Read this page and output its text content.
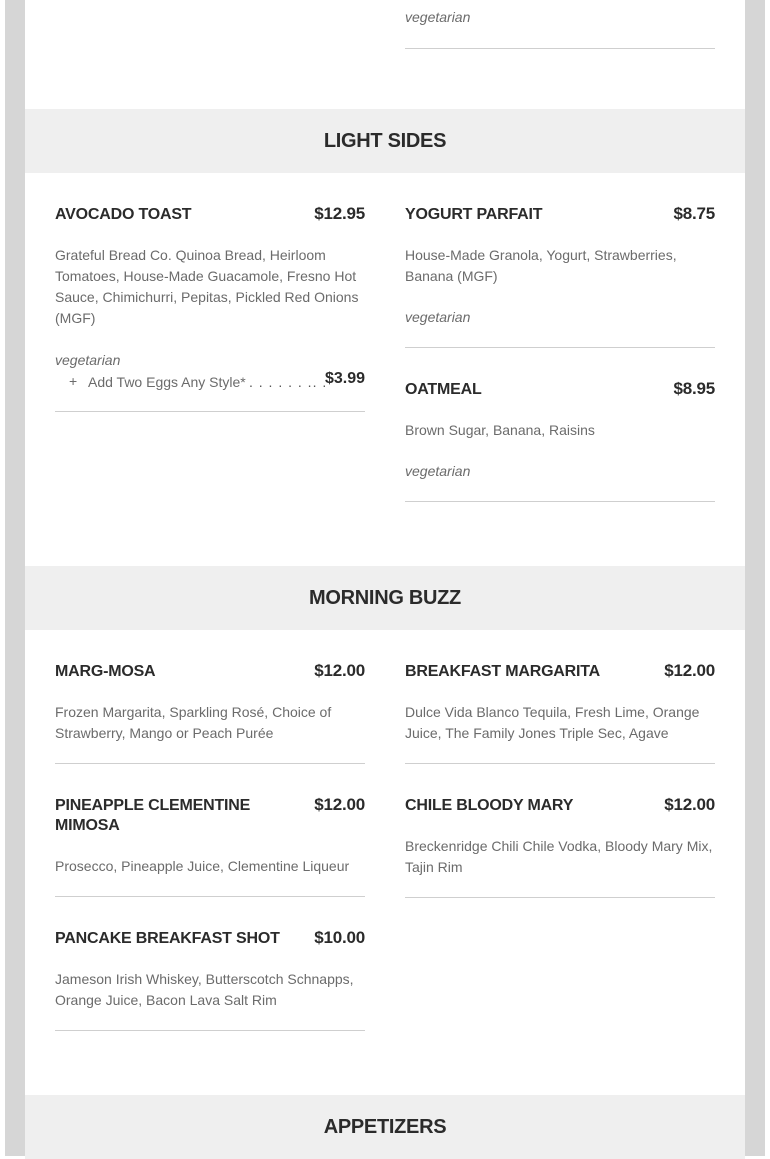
vegetarian
LIGHT SIDES
AVOCADO TOAST	$12.95
Grateful Bread Co. Quinoa Bread, Heirloom Tomatoes, House-Made Guacamole, Fresno Hot Sauce, Chimichurri, Pepitas, Pickled Red Onions (MGF)
vegetarian
+ Add Two Eggs Any Style* . . . . . . .. .
$3.99
YOGURT PARFAIT	$8.75
House-Made Granola, Yogurt, Strawberries, Banana (MGF)
vegetarian
OATMEAL	$8.95
Brown Sugar, Banana, Raisins
vegetarian
MORNING BUZZ
MARG-MOSA	$12.00
Frozen Margarita, Sparkling Rosé, Choice of Strawberry, Mango or Peach Purée
BREAKFAST MARGARITA	$12.00
Dulce Vida Blanco Tequila, Fresh Lime, Orange Juice, The Family Jones Triple Sec, Agave
PINEAPPLE CLEMENTINE MIMOSA
$12.00
Prosecco, Pineapple Juice, Clementine Liqueur
CHILE BLOODY MARY	$12.00
Breckenridge Chili Chile Vodka, Bloody Mary Mix, Tajin Rim
PANCAKE BREAKFAST SHOT	$10.00
Jameson Irish Whiskey, Butterscotch Schnapps, Orange Juice, Bacon Lava Salt Rim
APPETIZERS
